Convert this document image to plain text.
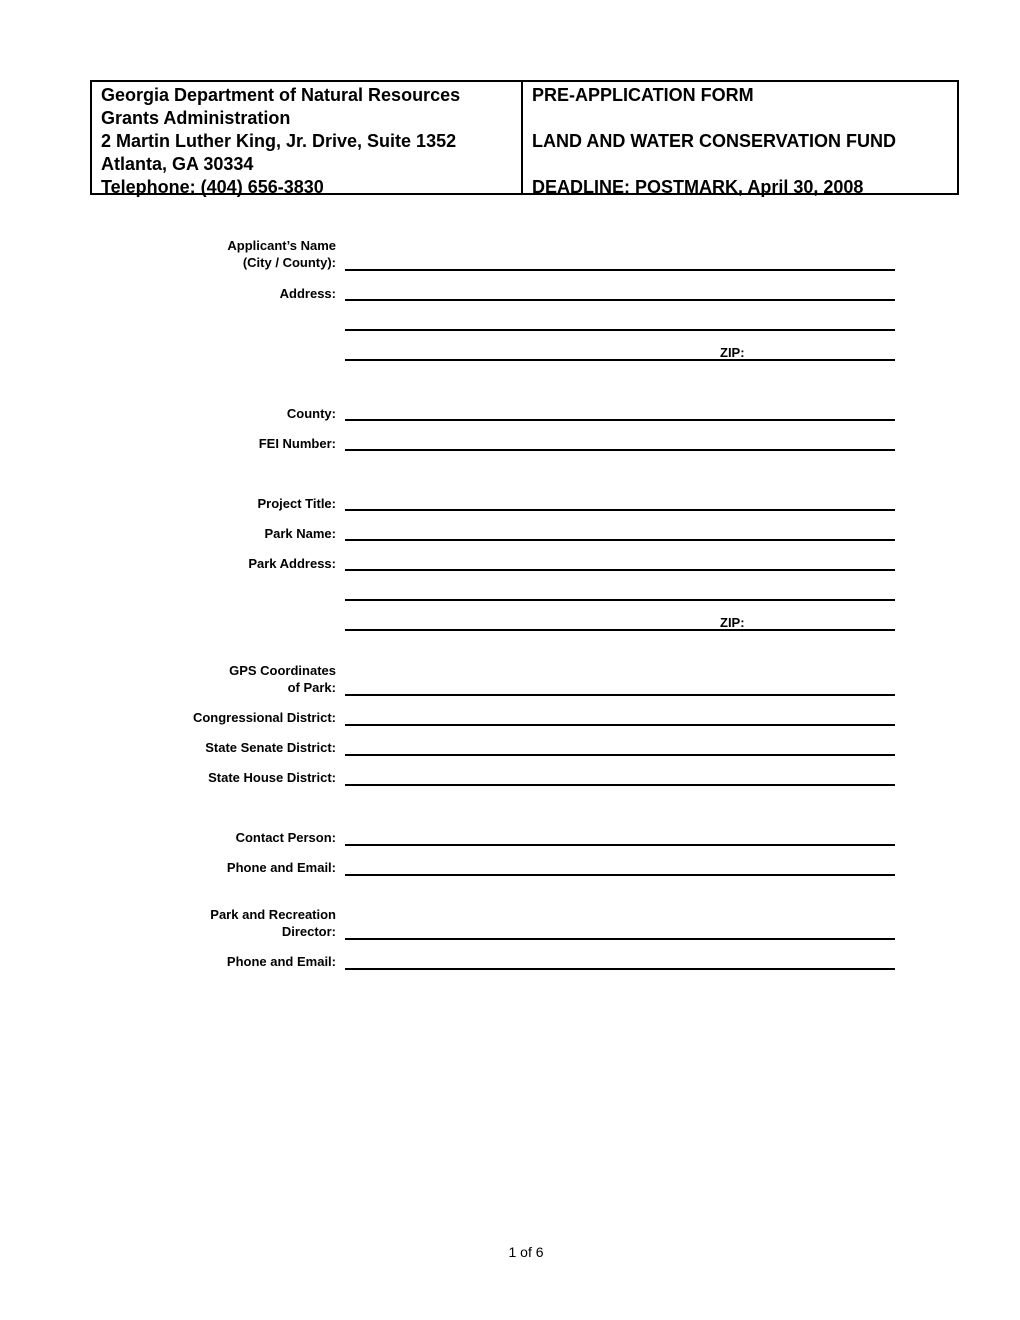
Georgia Department of Natural Resources
Grants Administration
2 Martin Luther King, Jr. Drive, Suite 1352
Atlanta, GA 30334
Telephone: (404) 656-3830
PRE-APPLICATION FORM
LAND AND WATER CONSERVATION FUND
DEADLINE: POSTMARK, April 30, 2008
Applicant’s Name
(City / County):
Address:
ZIP:
County:
FEI Number:
Project Title:
Park Name:
Park Address:
ZIP:
GPS Coordinates
of Park:
Congressional District:
State Senate District:
State House District:
Contact Person:
Phone and Email:
Park and Recreation
Director:
Phone and Email:
1 of 6
